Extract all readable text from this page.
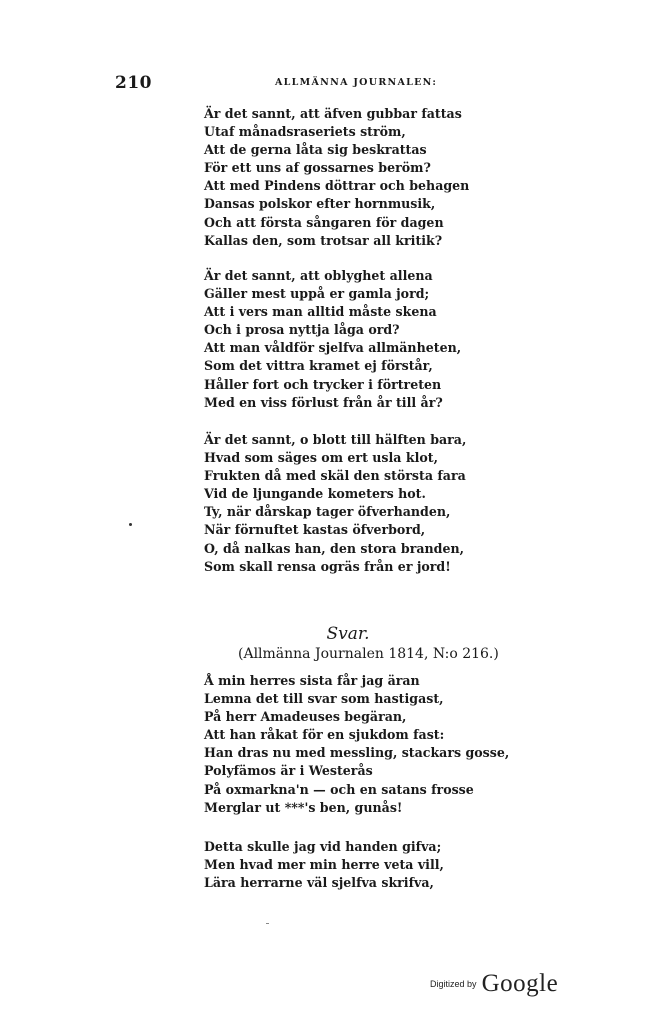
210	ALLMÄNNA JOURNALEN:
Är det sannt, att äfven gubbar fattas
Utaf månadsraseriets ström,
Att de gerna låta sig beskrattas
För ett uns af gossarnes beröm?
Att med Pindens döttrar och behagen
Dansas polskor efter hornmusik,
Och att första sångaren för dagen
Kallas den, som trotsar all kritik?
Är det sannt, att oblyghet allena
Gäller mest uppå er gamla jord;
Att i vers man alltid måste skena
Och i prosa nyttja låga ord?
Att man våldför sjelfva allmänheten,
Som det vittra kramet ej förstår,
Håller fort och trycker i förtreten
Med en viss förlust från år till år?
Är det sannt, o blott till hälften bara,
Hvad som säges om ert usla klot,
Frukten då med skäl den största fara
Vid de ljungande kometers hot.
Ty, när dårskap tager öfverhanden,
När förnuftet kastas öfverbord,
O, då nalkas han, den stora branden,
Som skall rensa ogräs från er jord!
Svar.
(Allmänna Journalen 1814, N:o 216.)
Å min herres sista får jag äran
Lemna det till svar som hastigast,
På herr Amadeuses begäran,
Att han råkat för en sjukdom fast:
Han dras nu med messling, stackars gosse,
Polyfämos är i Westerås
På oxmarkna'n — och en satans frosse
Merglar ut ***'s ben, gunås!
Detta skulle jag vid handen gifva;
Men hvad mer min herre veta vill,
Lära herrarne väl sjelfva skrifva,
Digitized by Google
